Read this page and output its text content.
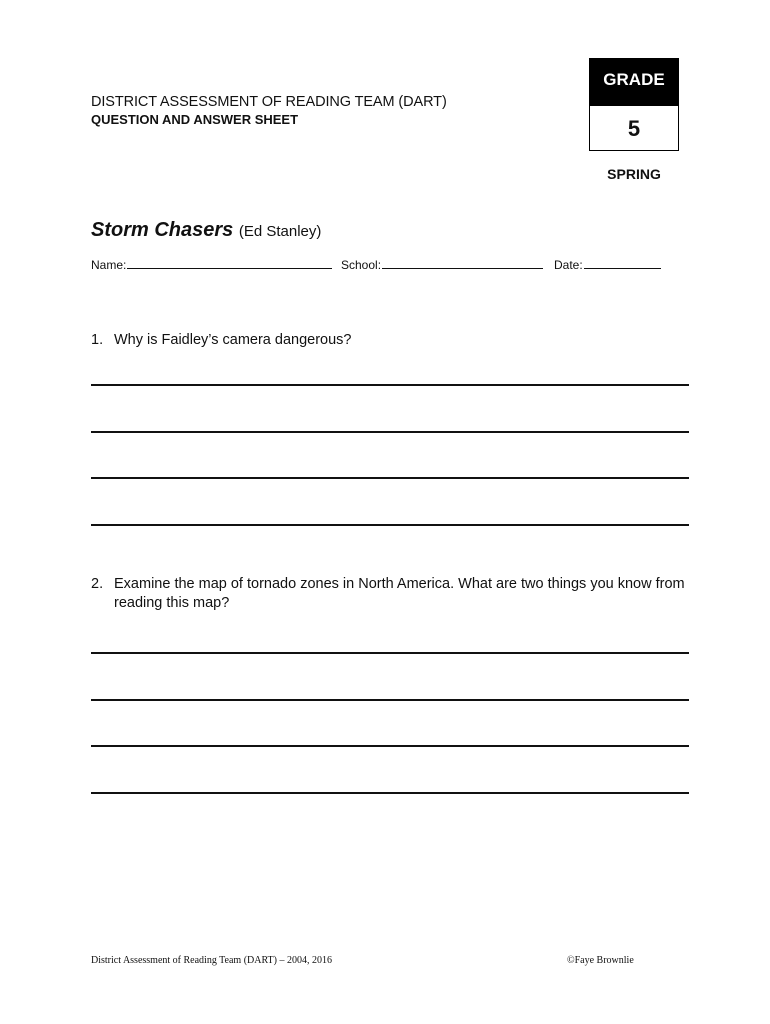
DISTRICT ASSESSMENT OF READING TEAM (DART)
QUESTION AND ANSWER SHEET
GRADE
5
SPRING
Storm Chasers (Ed Stanley)
Name:	School:	Date:
1. Why is Faidley’s camera dangerous?
2. Examine the map of tornado zones in North America. What are two things you know from reading this map?
District Assessment of Reading Team (DART) – 2004, 2016	©Faye Brownlie
